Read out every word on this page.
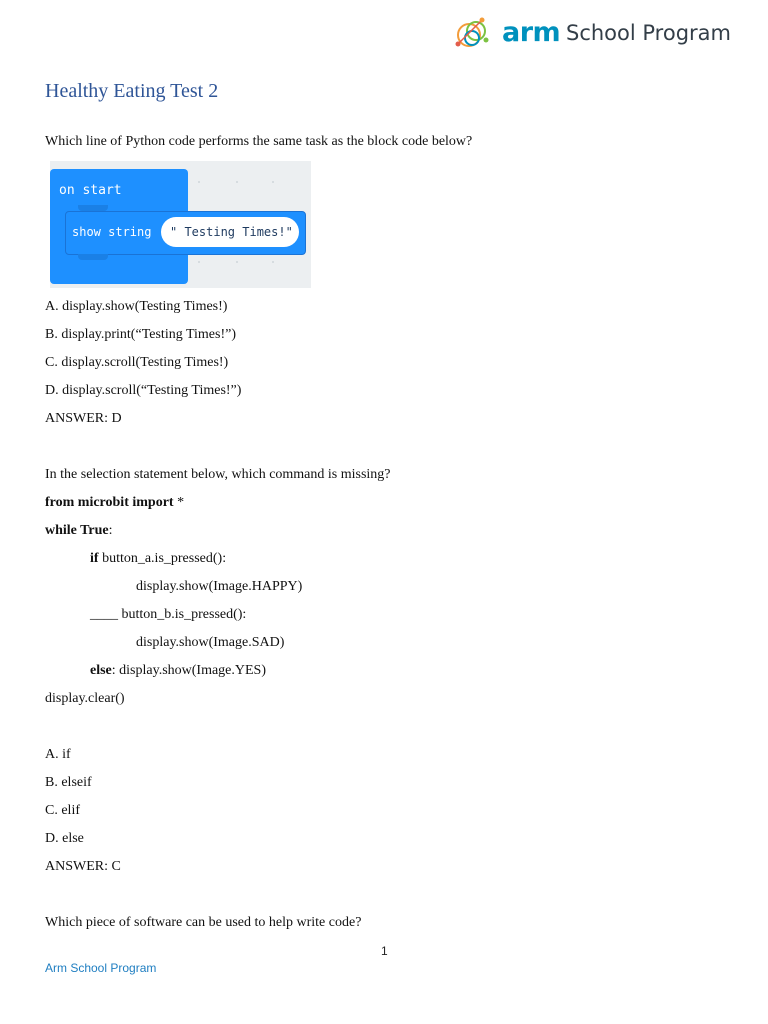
arm School Program
Healthy Eating Test 2
Which line of Python code performs the same task as the block code below?
on start
show string " Testing Times!"
A. display.show(Testing Times!)
B. display.print(“Testing Times!”)
C. display.scroll(Testing Times!)
D. display.scroll(“Testing Times!”)
ANSWER: D
In the selection statement below, which command is missing?
from microbit import *
while True:
if button_a.is_pressed():
display.show(Image.HAPPY)
____ button_b.is_pressed():
display.show(Image.SAD)
else: display.show(Image.YES)
display.clear()
A. if
B. elseif
C. elif
D. else
ANSWER: C
Which piece of software can be used to help write code?
1
Arm School Program
